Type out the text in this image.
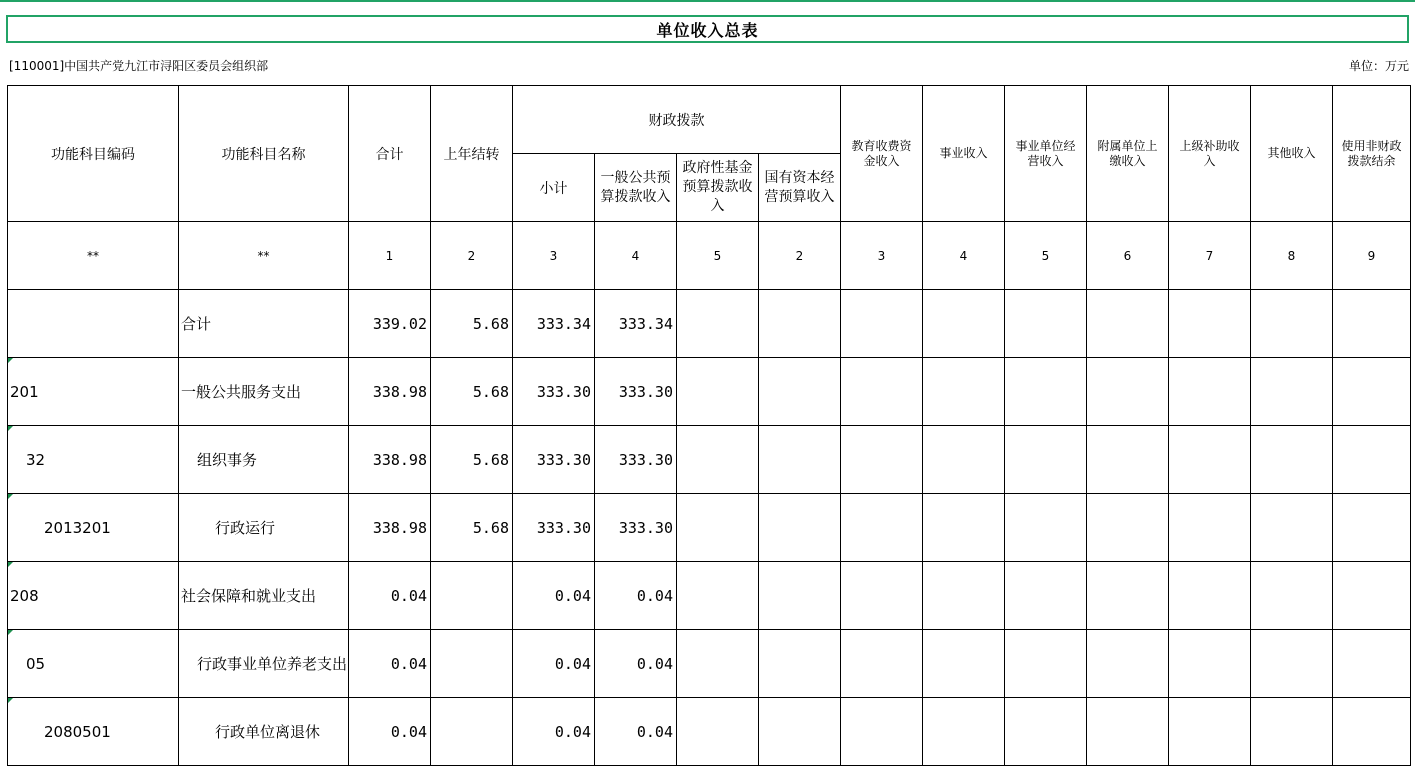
单位收入总表
[110001]中国共产党九江市浔阳区委员会组织部	单位：万元
功能科目编码	功能科目名称	合计	上年结转	财政拨款				教育收费资金收入	事业收入	事业单位经营收入	附属单位上缴收入	上级补助收入	其他收入	使用非财政拨款结余
				小计	一般公共预算拨款收入	政府性基金预算拨款收入	国有资本经营预算收入							
**	**	1	2	3	4	5	2	3	4	5	6	7	8	9
	合计	339.02	5.68	333.34	333.34									

201	一般公共服务支出	338.98	5.68	333.30	333.30									

32	组织事务	338.98	5.68	333.30	333.30									

2013201	行政运行	338.98	5.68	333.30	333.30									

208	社会保障和就业支出	0.04		0.04	0.04									

05	行政事业单位养老支出	0.04		0.04	0.04									

2080501	行政单位离退休	0.04		0.04	0.04									
